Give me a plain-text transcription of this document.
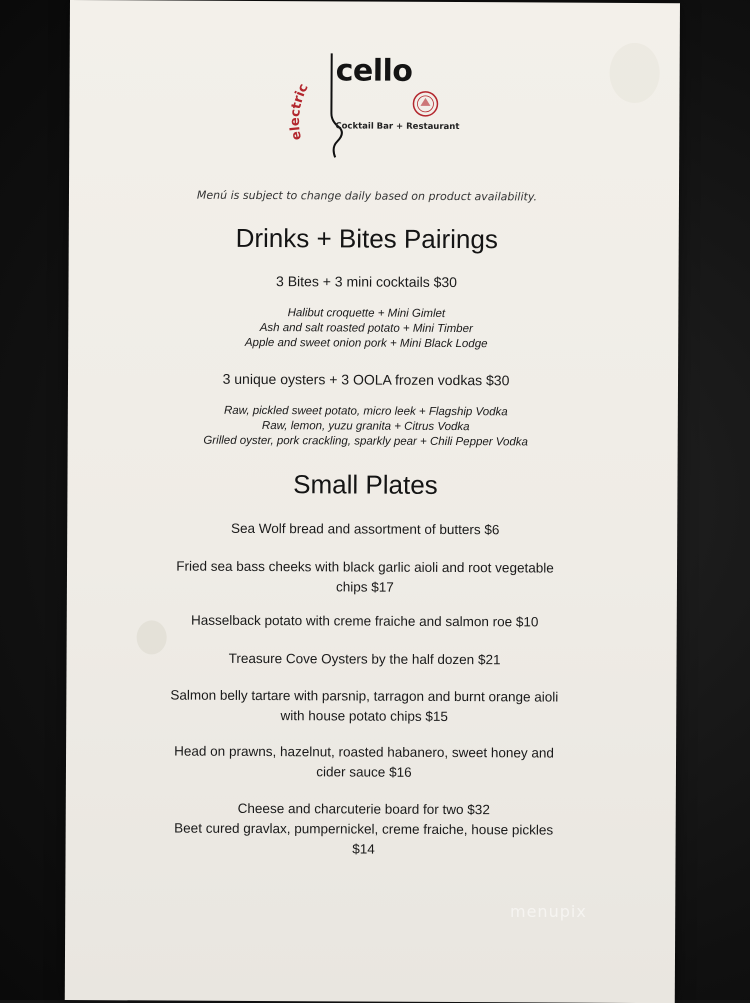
electric cello
Cocktail Bar + Restaurant
Menú is subject to change daily based on product availability.
Drinks + Bites Pairings
3 Bites + 3 mini cocktails $30
Halibut croquette + Mini Gimlet
Ash and salt roasted potato + Mini Timber
Apple and sweet onion pork + Mini Black Lodge
3 unique oysters + 3 OOLA frozen vodkas $30
Raw, pickled sweet potato, micro leek + Flagship Vodka
Raw, lemon, yuzu granita + Citrus Vodka
Grilled oyster, pork crackling, sparkly pear + Chili Pepper Vodka
Small Plates
Sea Wolf bread and assortment of butters $6
Fried sea bass cheeks with black garlic aioli and root vegetable chips $17
Hasselback potato with creme fraiche and salmon roe $10
Treasure Cove Oysters by the half dozen $21
Salmon belly tartare with parsnip, tarragon and burnt orange aioli with house potato chips $15
Head on prawns, hazelnut, roasted habanero, sweet honey and cider sauce $16
Cheese and charcuterie board for two $32
Beet cured gravlax, pumpernickel, creme fraiche, house pickles $14
menupix
